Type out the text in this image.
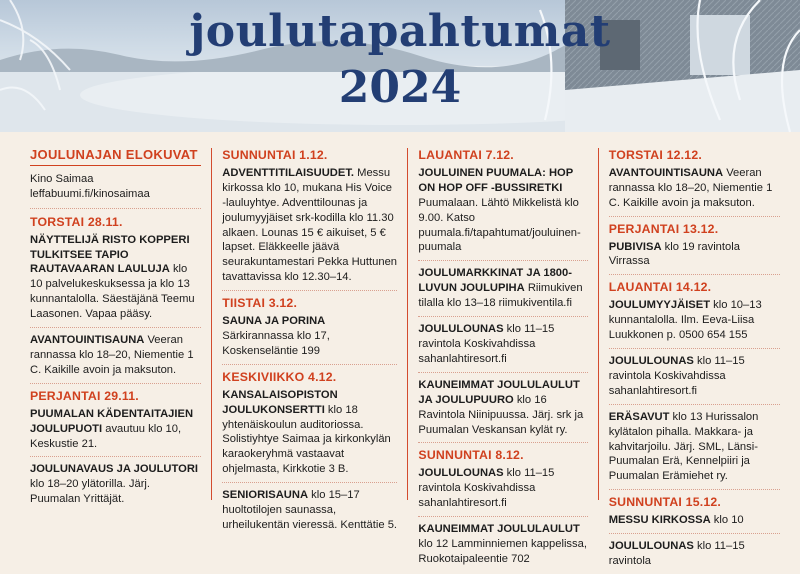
joulutapahtumat
2024
JOULUNAJAN ELOKUVAT
Kino Saimaa
leffabuumi.fi/kinosaimaa
TORSTAI 28.11.
NÄYTTELIJÄ RISTO KOPPERI TULKITSEE TAPIO RAUTAVAARAN LAULUJA klo 10 palvelukeskuksessa ja klo 13 kunnantalolla. Säestäjänä Teemu Laasonen. Vapaa pääsy.
AVANTOUINTISAUNA Veeran rannassa klo 18–20, Niementie 1 C. Kaikille avoin ja maksuton.
PERJANTAI 29.11.
PUUMALAN KÄDENTAITAJIEN JOULUPUOTI avautuu klo 10, Keskustie 21.
JOULUNAVAUS JA JOULUTORI klo 18–20 ylätorilla. Järj. Puumalan Yrittäjät.
SUNNUNTAI 1.12.
ADVENTTITILAISUUDET. Messu kirkossa klo 10, mukana His Voice -lauluyhtye. Adventtilounas ja joulumyyjäiset srk-kodilla klo 11.30 alkaen. Lounas 15 € aikuiset, 5 € lapset. Eläkkeelle jäävä seurakuntamestari Pekka Huttunen tavattavissa klo 12.30–14.
TIISTAI 3.12.
SAUNA JA PORINA Särkirannassa klo 17, Koskenseläntie 199
KESKIVIIKKO 4.12.
KANSALAISOPISTON JOULUKONSERTTI klo 18 yhtenäiskoulun auditoriossa. Solistiyhtye Saimaa ja kirkonkylän karaokeryhmä vastaavat ohjelmasta, Kirkkotie 3 B.
SENIORISAUNA klo 15–17 huoltotilojen saunassa, urheilukentän vieressä. Kenttätie 5.
LAUANTAI 7.12.
JOULUINEN PUUMALA: HOP ON HOP OFF -BUSSIRETKI Puumalaan. Lähtö Mikkelistä klo 9.00. Katso puumala.fi/tapahtumat/jouluinen-puumala
JOULUMARKKINAT JA 1800-LUVUN JOULUPIHA Riimukiven tilalla klo 13–18 riimukiventila.fi
JOULULOUNAS klo 11–15 ravintola Koskivahdissa sahanlahtiresort.fi
KAUNEIMMAT JOULULAULUT JA JOULUPUURO klo 16 Ravintola Niinipuussa. Järj. srk ja Puumalan Veskansan kylät ry.
SUNNUNTAI 8.12.
JOULULOUNAS klo 11–15 ravintola Koskivahdissa sahanlahtiresort.fi
KAUNEIMMAT JOULULAULUT klo 12 Lamminniemen kappelissa, Ruokotaipaleentie 702
TORSTAI 12.12.
AVANTOUINTISAUNA Veeran rannassa klo 18–20, Niementie 1 C. Kaikille avoin ja maksuton.
PERJANTAI 13.12.
PUBIVISA klo 19 ravintola Virrassa
LAUANTAI 14.12.
JOULUMYYJÄISET klo 10–13 kunnantalolla. Ilm. Eeva-Liisa Luukkonen p. 0500 654 155
JOULULOUNAS klo 11–15 ravintola Koskivahdissa sahanlahtiresort.fi
ERÄSAVUT klo 13 Hurissalon kylätalon pihalla. Makkara- ja kahvitarjoilu. Järj. SML, Länsi-Puumalan Erä, Kennelpiiri ja Puumalan Erämiehet ry.
SUNNUNTAI 15.12.
MESSU KIRKOSSA klo 10
JOULULOUNAS klo 11–15 ravintola
